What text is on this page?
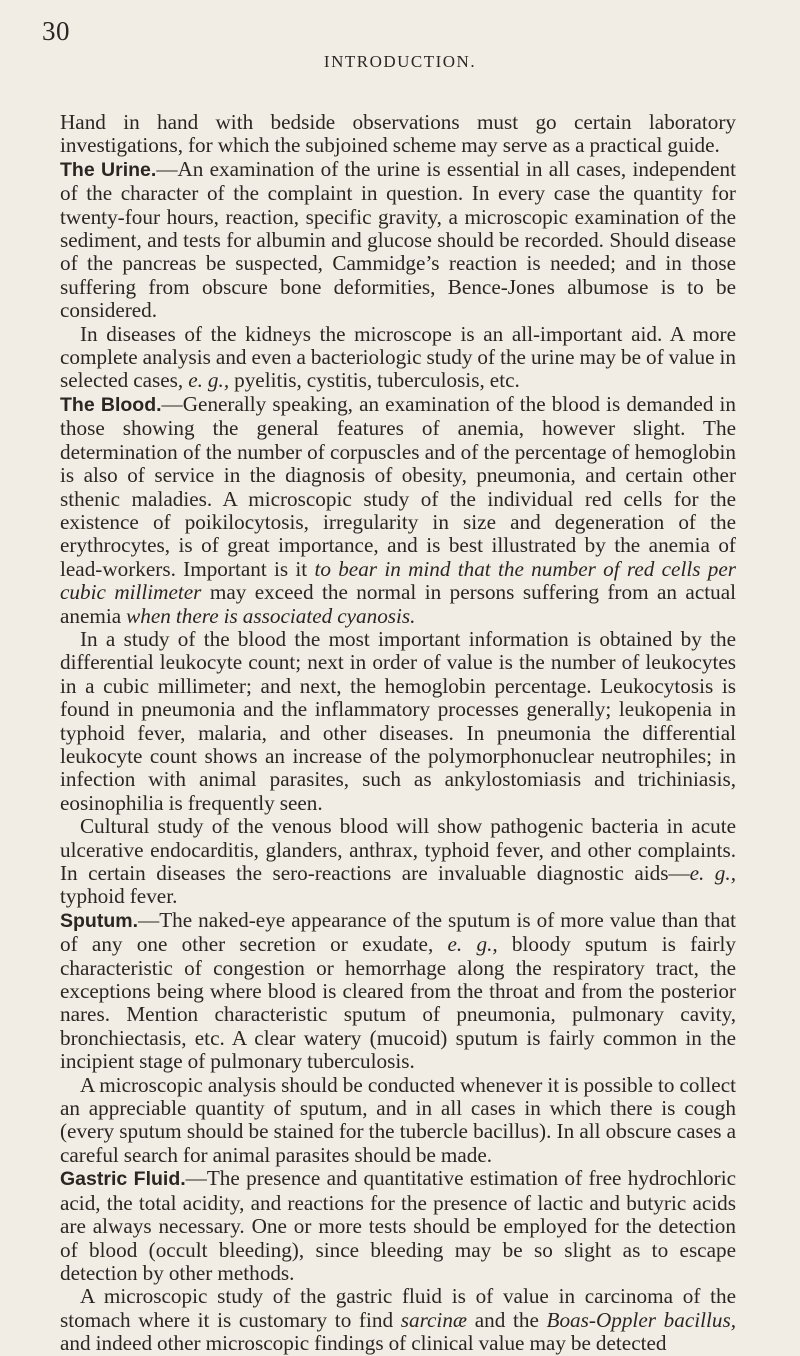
30
INTRODUCTION.

Hand in hand with bedside observations must go certain laboratory investigations, for which the subjoined scheme may serve as a practical guide.

The Urine.—An examination of the urine is essential in all cases, independent of the character of the complaint in question. In every case the quantity for twenty-four hours, reaction, specific gravity, a microscopic examination of the sediment, and tests for albumin and glucose should be recorded. Should disease of the pancreas be suspected, Cammidge’s reaction is needed; and in those suffering from obscure bone deformities, Bence-Jones albumose is to be considered.

In diseases of the kidneys the microscope is an all-important aid. A more complete analysis and even a bacteriologic study of the urine may be of value in selected cases, e. g., pyelitis, cystitis, tuberculosis, etc.

The Blood.—Generally speaking, an examination of the blood is demanded in those showing the general features of anemia, however slight. The determination of the number of corpuscles and of the percentage of hemoglobin is also of service in the diagnosis of obesity, pneumonia, and certain other sthenic maladies. A microscopic study of the individual red cells for the existence of poikilocytosis, irregularity in size and degeneration of the erythrocytes, is of great importance, and is best illustrated by the anemia of lead-workers. Important is it to bear in mind that the number of red cells per cubic millimeter may exceed the normal in persons suffering from an actual anemia when there is associated cyanosis.

In a study of the blood the most important information is obtained by the differential leukocyte count; next in order of value is the number of leukocytes in a cubic millimeter; and next, the hemoglobin percentage. Leukocytosis is found in pneumonia and the inflammatory processes generally; leukopenia in typhoid fever, malaria, and other diseases. In pneumonia the differential leukocyte count shows an increase of the polymorphonuclear neutrophiles; in infection with animal parasites, such as ankylostomiasis and trichiniasis, eosinophilia is frequently seen.

Cultural study of the venous blood will show pathogenic bacteria in acute ulcerative endocarditis, glanders, anthrax, typhoid fever, and other complaints. In certain diseases the sero-reactions are invaluable diagnostic aids—e. g., typhoid fever.

Sputum.—The naked-eye appearance of the sputum is of more value than that of any one other secretion or exudate, e. g., bloody sputum is fairly characteristic of congestion or hemorrhage along the respiratory tract, the exceptions being where blood is cleared from the throat and from the posterior nares. Mention characteristic sputum of pneumonia, pulmonary cavity, bronchiectasis, etc. A clear watery (mucoid) sputum is fairly common in the incipient stage of pulmonary tuberculosis.

A microscopic analysis should be conducted whenever it is possible to collect an appreciable quantity of sputum, and in all cases in which there is cough (every sputum should be stained for the tubercle bacillus). In all obscure cases a careful search for animal parasites should be made.

Gastric Fluid.—The presence and quantitative estimation of free hydrochloric acid, the total acidity, and reactions for the presence of lactic and butyric acids are always necessary. One or more tests should be employed for the detection of blood (occult bleeding), since bleeding may be so slight as to escape detection by other methods.

A microscopic study of the gastric fluid is of value in carcinoma of the stomach where it is customary to find sarcinæ and the Boas-Oppler bacillus, and indeed other microscopic findings of clinical value may be detected
